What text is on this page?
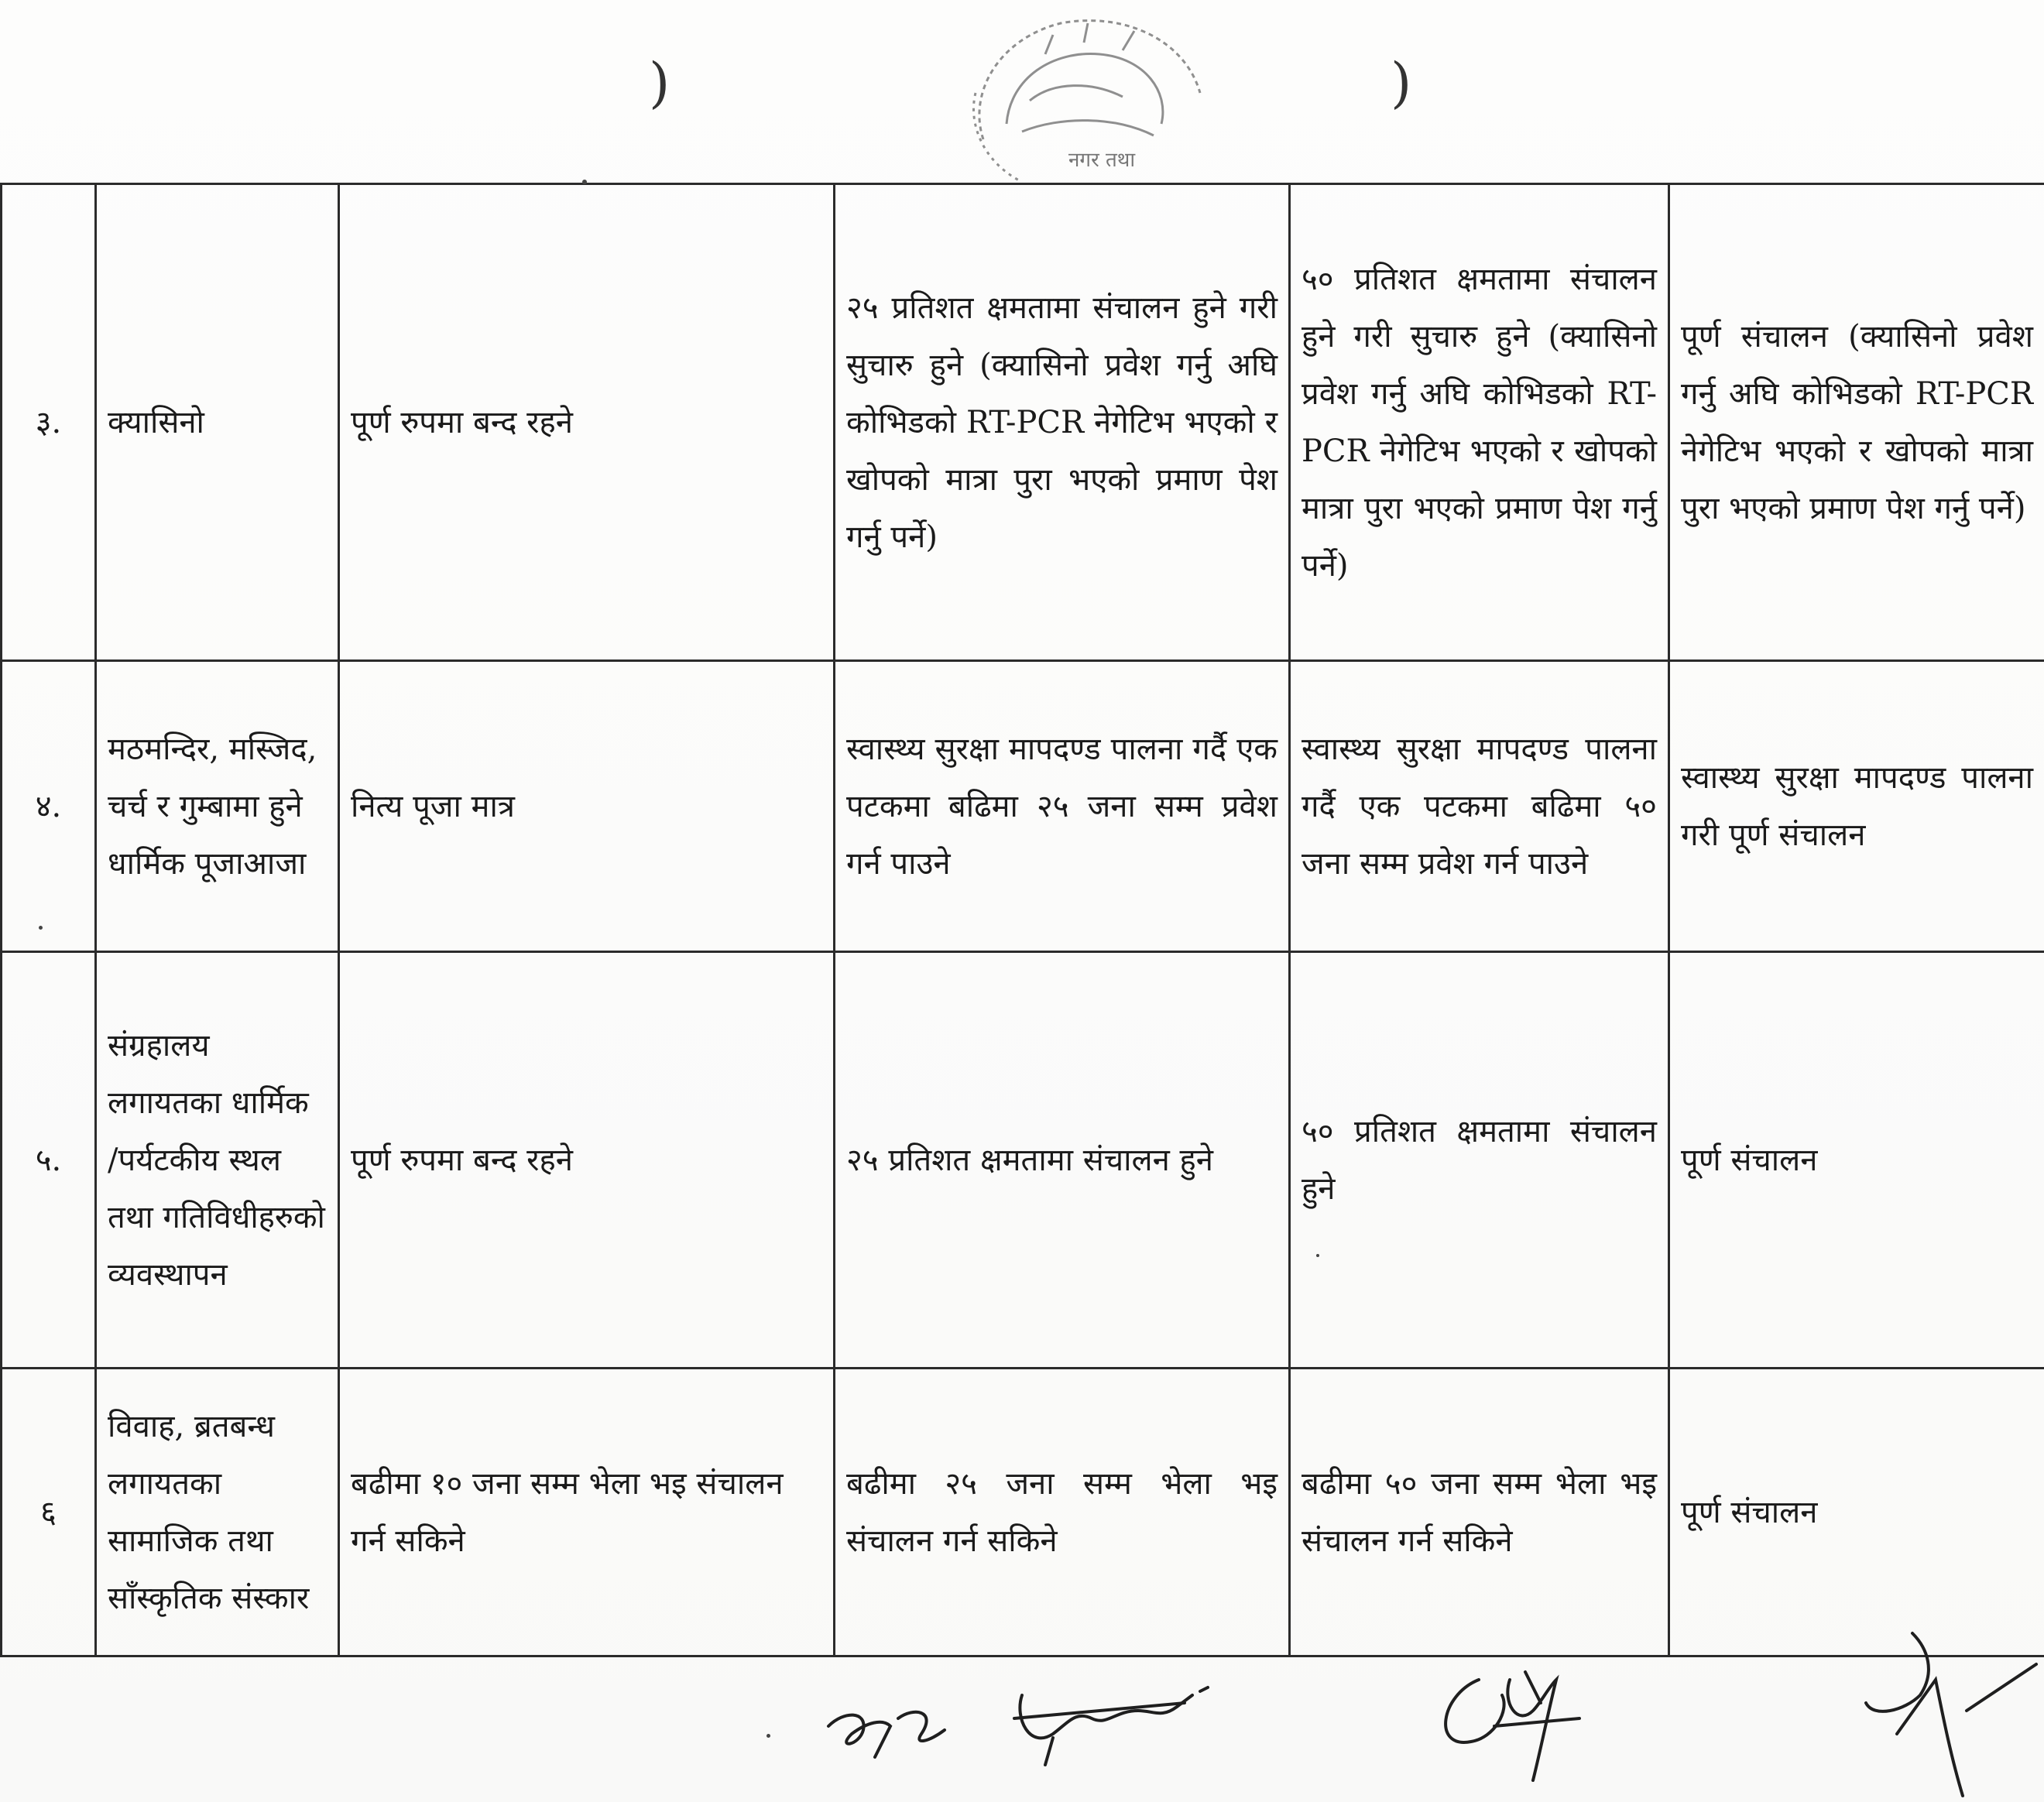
)	)
नगर तथा
३.	क्यासिनो	पूर्ण रुपमा बन्द रहने	२५ प्रतिशत क्षमतामा संचालन हुने गरी सुचारु हुने (क्यासिनो प्रवेश गर्नु अघि कोभिडको RT-PCR नेगेटिभ भएको र खोपको मात्रा पुरा भएको प्रमाण पेश गर्नु पर्ने)	५० प्रतिशत क्षमतामा संचालन हुने गरी सुचारु हुने (क्यासिनो प्रवेश गर्नु अघि कोभिडको RT-PCR नेगेटिभ भएको र खोपको मात्रा पुरा भएको प्रमाण पेश गर्नु पर्ने)	पूर्ण संचालन (क्यासिनो प्रवेश गर्नु अघि कोभिडको RT-PCR नेगेटिभ भएको र खोपको मात्रा पुरा भएको प्रमाण पेश गर्नु पर्ने)
४.	मठमन्दिर, मस्जिद, चर्च र गुम्बामा हुने धार्मिक पूजाआजा	नित्य पूजा मात्र	स्वास्थ्य सुरक्षा मापदण्ड पालना गर्दै एक पटकमा बढिमा २५ जना सम्म प्रवेश गर्न पाउने	स्वास्थ्य सुरक्षा मापदण्ड पालना गर्दै एक पटकमा बढिमा ५० जना सम्म प्रवेश गर्न पाउने	स्वास्थ्य सुरक्षा मापदण्ड पालना गरी पूर्ण संचालन
५.	संग्रहालय लगायतका धार्मिक /पर्यटकीय स्थल तथा गतिविधीहरुको व्यवस्थापन	पूर्ण रुपमा बन्द रहने	२५ प्रतिशत क्षमतामा संचालन हुने	५० प्रतिशत क्षमतामा संचालन हुने	पूर्ण संचालन
६	विवाह, ब्रतबन्ध लगायतका सामाजिक तथा साँस्कृतिक संस्कार	बढीमा १० जना सम्म भेला भइ संचालन गर्न सकिने	बढीमा २५ जना सम्म भेला भइ संचालन गर्न सकिने	बढीमा ५० जना सम्म भेला भइ संचालन गर्न सकिने	पूर्ण संचालन
